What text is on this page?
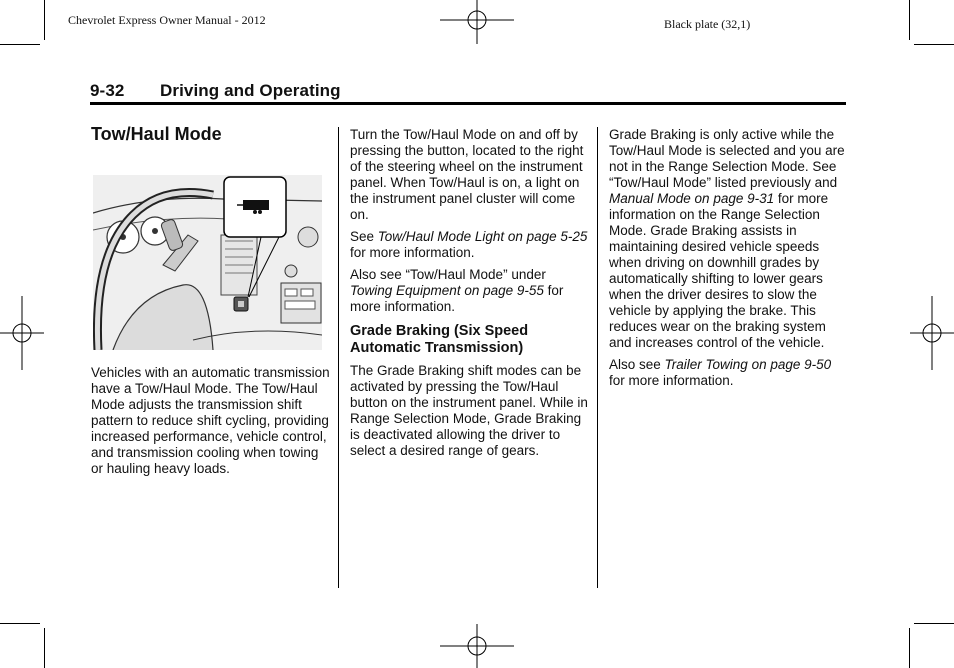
Chevrolet Express Owner Manual - 2012	Black plate (32,1)
9-32 Driving and Operating
Tow/Haul Mode

Vehicles with an automatic transmission have a Tow/Haul Mode. The Tow/Haul Mode adjusts the transmission shift pattern to reduce shift cycling, providing increased performance, vehicle control, and transmission cooling when towing or hauling heavy loads.

Turn the Tow/Haul Mode on and off by pressing the button, located to the right of the steering wheel on the instrument panel. When Tow/Haul is on, a light on the instrument panel cluster will come on.

See Tow/Haul Mode Light on page 5-25 for more information.

Also see “Tow/Haul Mode” under Towing Equipment on page 9-55 for more information.

Grade Braking (Six Speed Automatic Transmission)

The Grade Braking shift modes can be activated by pressing the Tow/Haul button on the instrument panel. While in Range Selection Mode, Grade Braking is deactivated allowing the driver to select a desired range of gears.

Grade Braking is only active while the Tow/Haul Mode is selected and you are not in the Range Selection Mode. See “Tow/Haul Mode” listed previously and Manual Mode on page 9-31 for more information on the Range Selection Mode. Grade Braking assists in maintaining desired vehicle speeds when driving on downhill grades by automatically shifting to lower gears when the driver desires to slow the vehicle by applying the brake. This reduces wear on the braking system and increases control of the vehicle.

Also see Trailer Towing on page 9-50 for more information.
